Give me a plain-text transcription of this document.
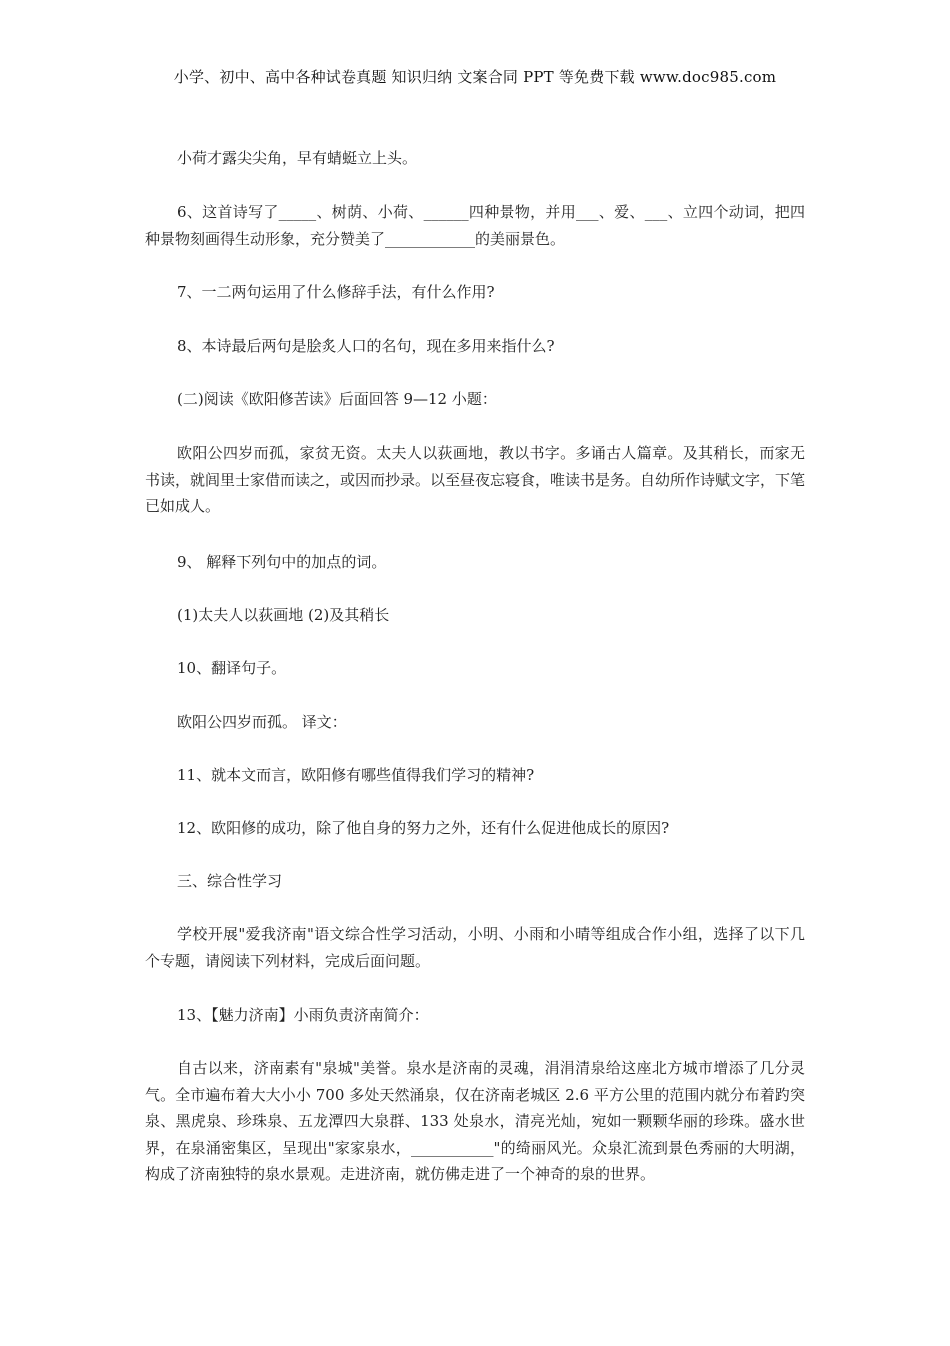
小学、初中、高中各种试卷真题 知识归纳 文案合同 PPT 等免费下载 www.doc985.com

小荷才露尖尖角，早有蜻蜓立上头。

6、这首诗写了_____、树荫、小荷、______四种景物，并用___、爱、___、立四个动词，把四种景物刻画得生动形象，充分赞美了____________的美丽景色。

7、一二两句运用了什么修辞手法，有什么作用?

8、本诗最后两句是脍炙人口的名句，现在多用来指什么?

(二)阅读《欧阳修苦读》后面回答 9—12 小题：

欧阳公四岁而孤，家贫无资。太夫人以荻画地，教以书字。多诵古人篇章。及其稍长，而家无书读，就闾里士家借而读之，或因而抄录。以至昼夜忘寝食，唯读书是务。自幼所作诗赋文字，下笔已如成人。

9、 解释下列句中的加点的词。

(1)太夫人以荻画地 (2)及其稍长

10、翻译句子。

欧阳公四岁而孤。 译文：

11、就本文而言，欧阳修有哪些值得我们学习的精神?

12、欧阳修的成功，除了他自身的努力之外，还有什么促进他成长的原因?

三、综合性学习

学校开展"爱我济南"语文综合性学习活动，小明、小雨和小晴等组成合作小组，选择了以下几个专题，请阅读下列材料，完成后面问题。

13、【魅力济南】小雨负责济南简介：

自古以来，济南素有"泉城"美誉。泉水是济南的灵魂，涓涓清泉给这座北方城市增添了几分灵气。全市遍布着大大小小 700 多处天然涌泉，仅在济南老城区 2.6 平方公里的范围内就分布着趵突泉、黑虎泉、珍珠泉、五龙潭四大泉群、133 处泉水，清亮光灿，宛如一颗颗华丽的珍珠。盛水世界，在泉涌密集区，呈现出"家家泉水，___________"的绮丽风光。众泉汇流到景色秀丽的大明湖，构成了济南独特的泉水景观。走进济南，就仿佛走进了一个神奇的泉的世界。
